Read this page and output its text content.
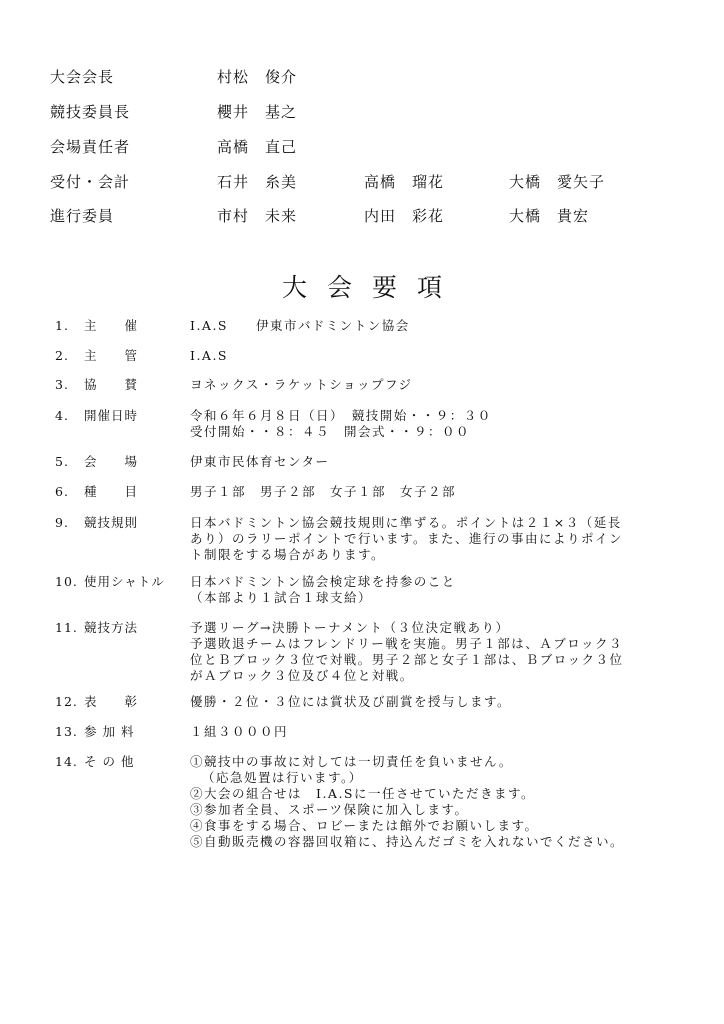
大会会長	村松　俊介
競技委員長	櫻井　基之
会場責任者	高橋　直己
受付・会計	石井　糸美	高橋　瑠花	大橋　愛矢子
進行委員	市村　未来	内田　彩花	大橋　貴宏
大会要項
1. 主　　催	I.A.S　　伊東市バドミントン協会
2. 主　　管	I.A.S
3. 協　　賛	ヨネックス・ラケットショップフジ
4. 開催日時	令和６年６月８日（日）　競技開始・・９：３０
受付開始・・８：４５　開会式・・９：００
5. 会　　場	伊東市民体育センター
6. 種　　目	男子１部　男子２部　女子１部　女子２部
9. 競技規則	日本バドミントン協会競技規則に準ずる。ポイントは２１×３（延長
あり）のラリーポイントで行います。また、進行の事由によりポイン
ト制限をする場合があります。
10. 使用シャトル 日本バドミントン協会検定球を持参のこと
（本部より１試合１球支給）
11. 競技方法	予選リーグ→決勝トーナメント（３位決定戦あり）
予選敗退チームはフレンドリー戦を実施。男子１部は、Ａブロック３
位とＢブロック３位で対戦。男子２部と女子１部は、Ｂブロック３位
がＡブロック３位及び４位と対戦。
12. 表　　彰	優勝・２位・３位には賞状及び副賞を授与します。
13. 参 加 料	１組３０００円
14. そ の 他	①競技中の事故に対しては一切責任を負いません。
（応急処置は行います。）
②大会の組合せは　I.A.Sに一任させていただきます。
③参加者全員、スポーツ保険に加入します。
④食事をする場合、ロビーまたは館外でお願いします。
⑤自動販売機の容器回収箱に、持込んだゴミを入れないでください。
